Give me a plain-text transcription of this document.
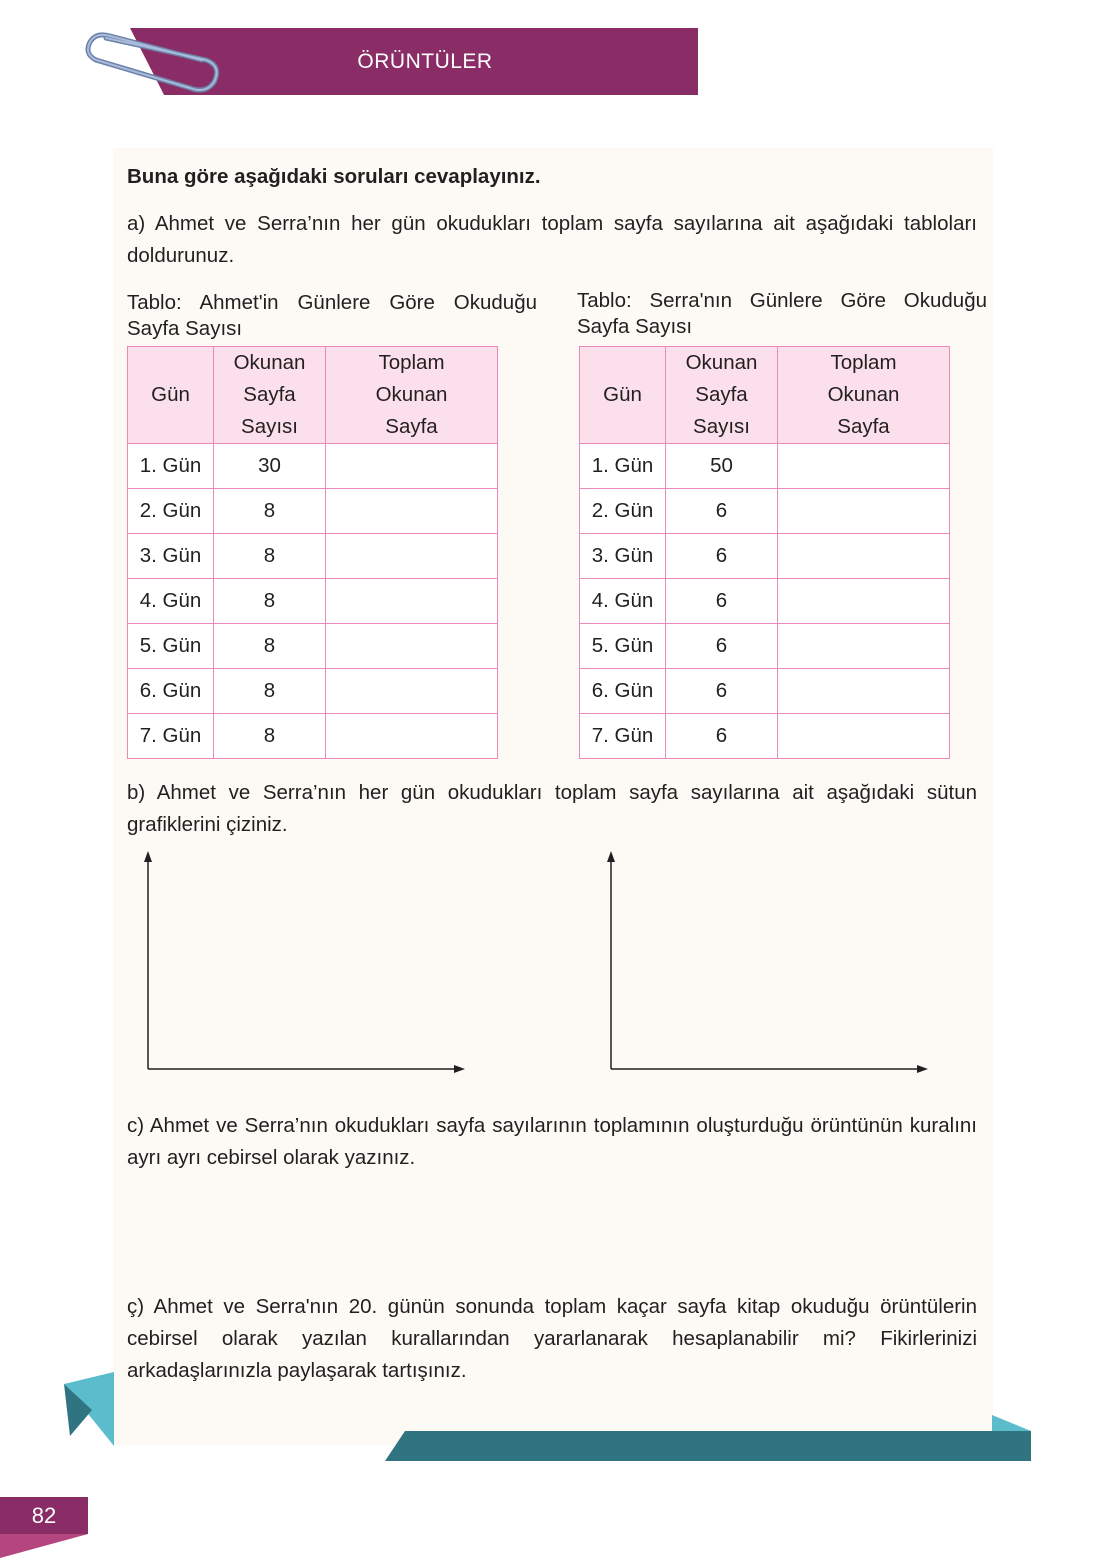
ÖRÜNTÜLER
Buna göre aşağıdaki soruları cevaplayınız.
a) Ahmet ve Serra’nın her gün okudukları toplam sayfa sayılarına ait aşağıdaki tabloları doldurunuz.
Tablo: Ahmet'in Günlere Göre Okuduğu Sayfa Sayısı
Tablo: Serra'nın Günlere Göre Okuduğu Sayfa Sayısı
Gün	Okunan Sayfa Sayısı	Toplam Okunan Sayfa
1. Gün	30	
2. Gün	8	
3. Gün	8	
4. Gün	8	
5. Gün	8	
6. Gün	8	
7. Gün	8	
Gün	Okunan Sayfa Sayısı	Toplam Okunan Sayfa
1. Gün	50	
2. Gün	6	
3. Gün	6	
4. Gün	6	
5. Gün	6	
6. Gün	6	
7. Gün	6	
b) Ahmet ve Serra’nın her gün okudukları toplam sayfa sayılarına ait aşağıdaki sütun grafiklerini çiziniz.
c) Ahmet ve Serra’nın okudukları sayfa sayılarının toplamının oluşturduğu örüntünün kuralını ayrı ayrı cebirsel olarak yazınız.
ç) Ahmet ve Serra'nın 20. günün sonunda toplam kaçar sayfa kitap okuduğu örüntülerin cebirsel olarak yazılan kurallarından yararlanarak hesaplanabilir mi? Fikirlerinizi arkadaşlarınızla paylaşarak tartışınız.
82
